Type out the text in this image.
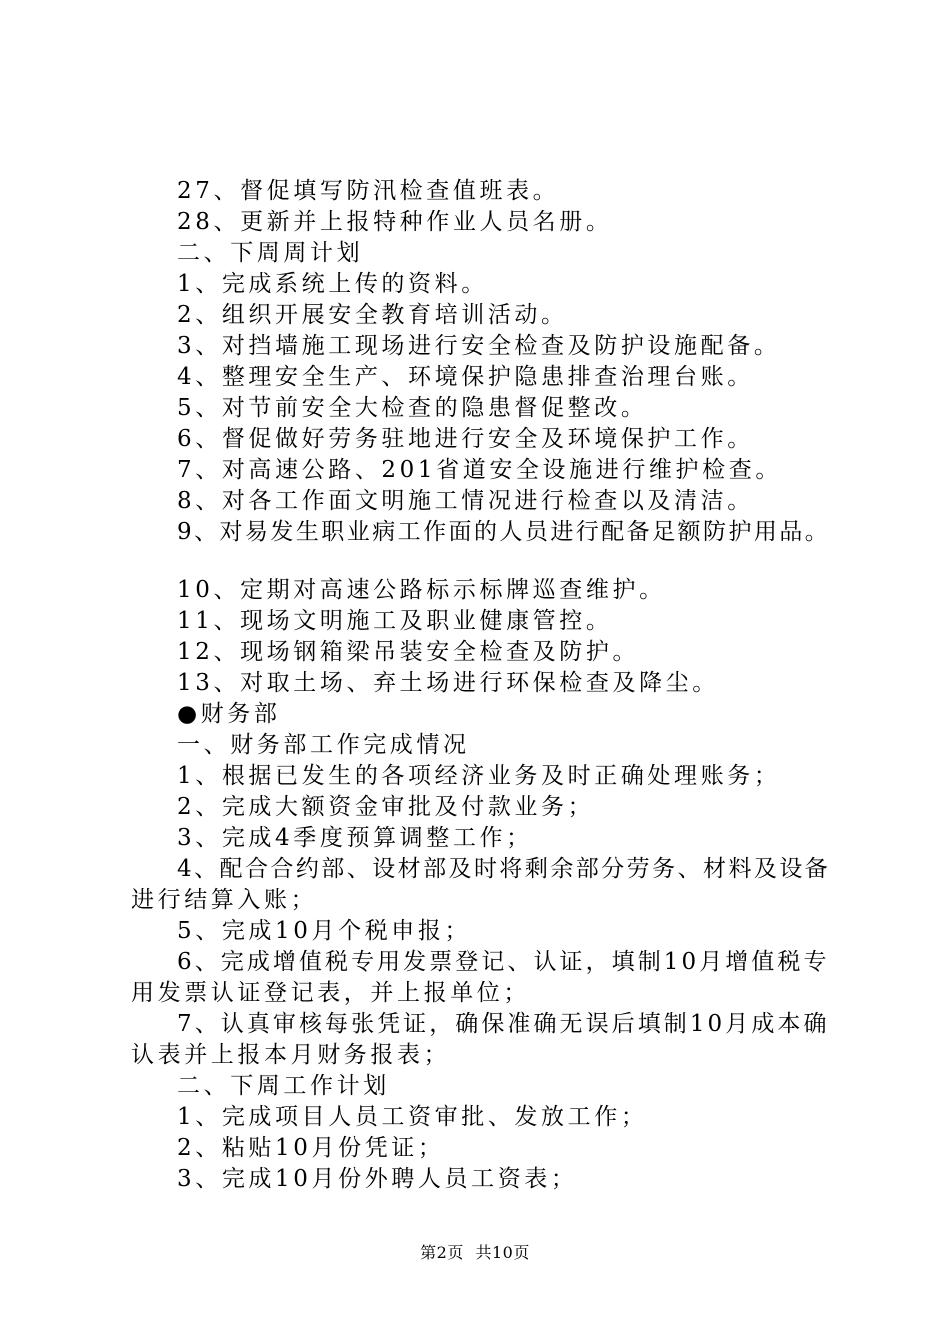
27、督促填写防汛检查值班表。
28、更新并上报特种作业人员名册。
二、下周周计划
1、完成系统上传的资料。
2、组织开展安全教育培训活动。
3、对挡墙施工现场进行安全检查及防护设施配备。
4、整理安全生产、环境保护隐患排查治理台账。
5、对节前安全大检查的隐患督促整改。
6、督促做好劳务驻地进行安全及环境保护工作。
7、对高速公路、201省道安全设施进行维护检查。
8、对各工作面文明施工情况进行检查以及清洁。
9、对易发生职业病工作面的人员进行配备足额防护用品。
10、定期对高速公路标示标牌巡查维护。
11、现场文明施工及职业健康管控。
12、现场钢箱梁吊装安全检查及防护。
13、对取土场、弃土场进行环保检查及降尘。
●财务部
一、财务部工作完成情况
1、根据已发生的各项经济业务及时正确处理账务；
2、完成大额资金审批及付款业务；
3、完成4季度预算调整工作；
4、配合合约部、设材部及时将剩余部分劳务、材料及设备
进行结算入账；
5、完成10月个税申报；
6、完成增值税专用发票登记、认证，填制10月增值税专
用发票认证登记表，并上报单位；
7、认真审核每张凭证，确保准确无误后填制10月成本确
认表并上报本月财务报表；
二、下周工作计划
1、完成项目人员工资审批、发放工作；
2、粘贴10月份凭证；
3、完成10月份外聘人员工资表；
第2页 共10页
